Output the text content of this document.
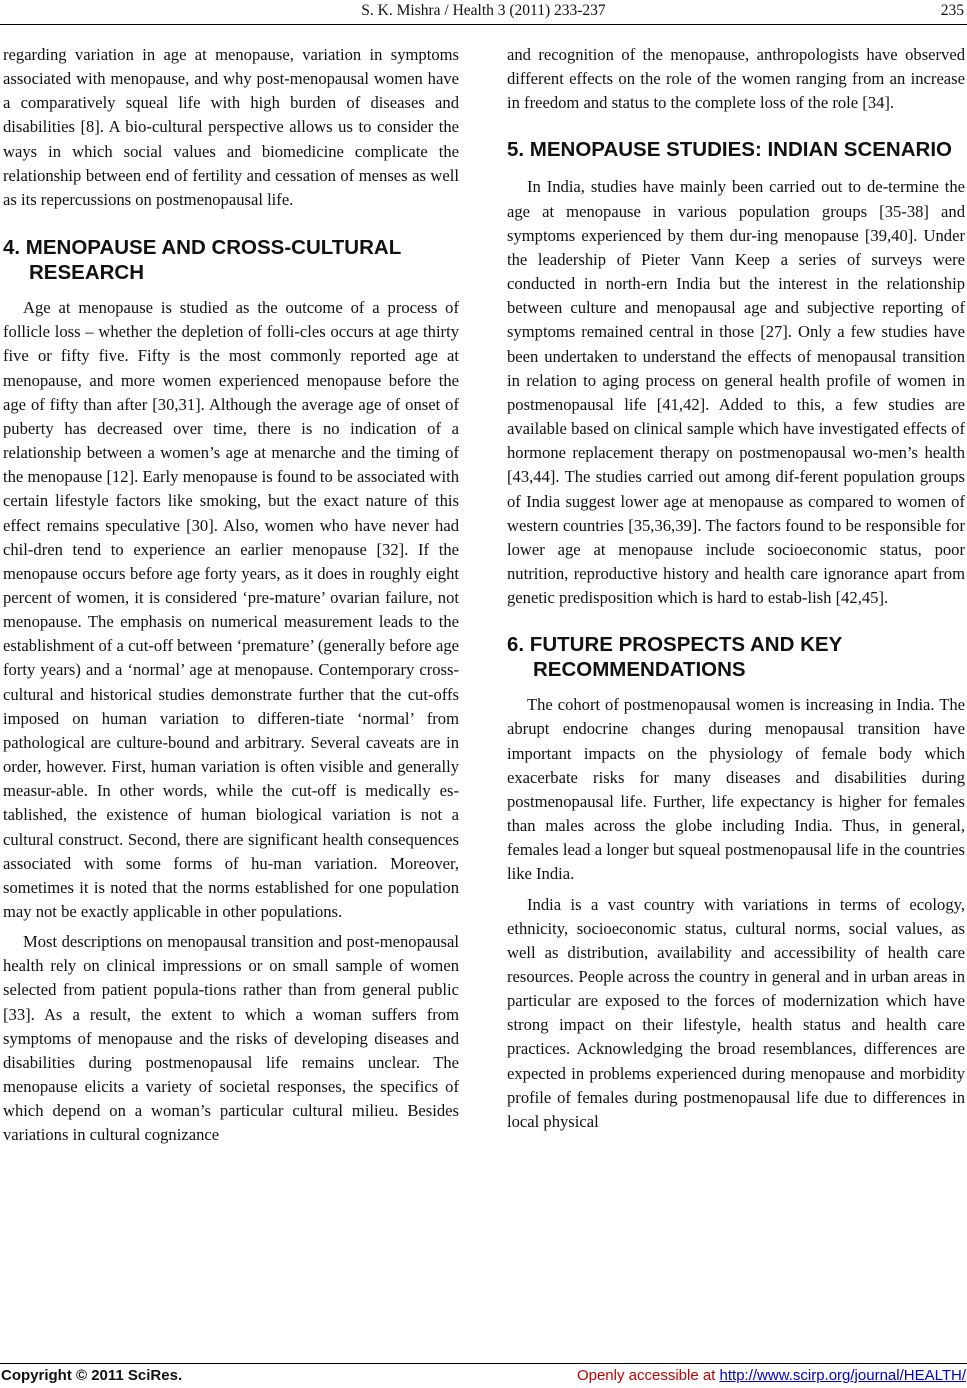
S. K. Mishra / Health 3 (2011) 233-237	235

regarding variation in age at menopause, variation in symptoms associated with menopause, and why post-menopausal women have a comparatively squeal life with high burden of diseases and disabilities [8]. A bio-cultural perspective allows us to consider the ways in which social values and biomedicine complicate the relationship between end of fertility and cessation of menses as well as its repercussions on postmenopausal life.

4. MENOPAUSE AND CROSS-CULTURAL RESEARCH

Age at menopause is studied as the outcome of a process of follicle loss – whether the depletion of folli-cles occurs at age thirty five or fifty five. Fifty is the most commonly reported age at menopause, and more women experienced menopause before the age of fifty than after [30,31]. Although the average age of onset of puberty has decreased over time, there is no indication of a relationship between a women’s age at menarche and the timing of the menopause [12]. Early menopause is found to be associated with certain lifestyle factors like smoking, but the exact nature of this effect remains speculative [30]. Also, women who have never had chil-dren tend to experience an earlier menopause [32]. If the menopause occurs before age forty years, as it does in roughly eight percent of women, it is considered ‘pre-mature’ ovarian failure, not menopause. The emphasis on numerical measurement leads to the establishment of a cut-off between ‘premature’ (generally before age forty years) and a ‘normal’ age at menopause. Contemporary cross-cultural and historical studies demonstrate further that the cut-offs imposed on human variation to differen-tiate ‘normal’ from pathological are culture-bound and arbitrary. Several caveats are in order, however. First, human variation is often visible and generally measur-able. In other words, while the cut-off is medically es-tablished, the existence of human biological variation is not a cultural construct. Second, there are significant health consequences associated with some forms of hu-man variation. Moreover, sometimes it is noted that the norms established for one population may not be exactly applicable in other populations.

Most descriptions on menopausal transition and post-menopausal health rely on clinical impressions or on small sample of women selected from patient popula-tions rather than from general public [33]. As a result, the extent to which a woman suffers from symptoms of menopause and the risks of developing diseases and disabilities during postmenopausal life remains unclear. The menopause elicits a variety of societal responses, the specifics of which depend on a woman’s particular cultural milieu. Besides variations in cultural cognizance

and recognition of the menopause, anthropologists have observed different effects on the role of the women ranging from an increase in freedom and status to the complete loss of the role [34].

5. MENOPAUSE STUDIES: INDIAN SCENARIO

In India, studies have mainly been carried out to de-termine the age at menopause in various population groups [35-38] and symptoms experienced by them dur-ing menopause [39,40]. Under the leadership of Pieter Vann Keep a series of surveys were conducted in north-ern India but the interest in the relationship between culture and menopausal age and subjective reporting of symptoms remained central in those [27]. Only a few studies have been undertaken to understand the effects of menopausal transition in relation to aging process on general health profile of women in postmenopausal life [41,42]. Added to this, a few studies are available based on clinical sample which have investigated effects of hormone replacement therapy on postmenopausal wo-men’s health [43,44]. The studies carried out among dif-ferent population groups of India suggest lower age at menopause as compared to women of western countries [35,36,39]. The factors found to be responsible for lower age at menopause include socioeconomic status, poor nutrition, reproductive history and health care ignorance apart from genetic predisposition which is hard to estab-lish [42,45].

6. FUTURE PROSPECTS AND KEY RECOMMENDATIONS

The cohort of postmenopausal women is increasing in India. The abrupt endocrine changes during menopausal transition have important impacts on the physiology of female body which exacerbate risks for many diseases and disabilities during postmenopausal life. Further, life expectancy is higher for females than males across the globe including India. Thus, in general, females lead a longer but squeal postmenopausal life in the countries like India.

India is a vast country with variations in terms of ecology, ethnicity, socioeconomic status, cultural norms, social values, as well as distribution, availability and accessibility of health care resources. People across the country in general and in urban areas in particular are exposed to the forces of modernization which have strong impact on their lifestyle, health status and health care practices. Acknowledging the broad resemblances, differences are expected in problems experienced during menopause and morbidity profile of females during postmenopausal life due to differences in local physical

Copyright © 2011 SciRes.	Openly accessible at http://www.scirp.org/journal/HEALTH/
